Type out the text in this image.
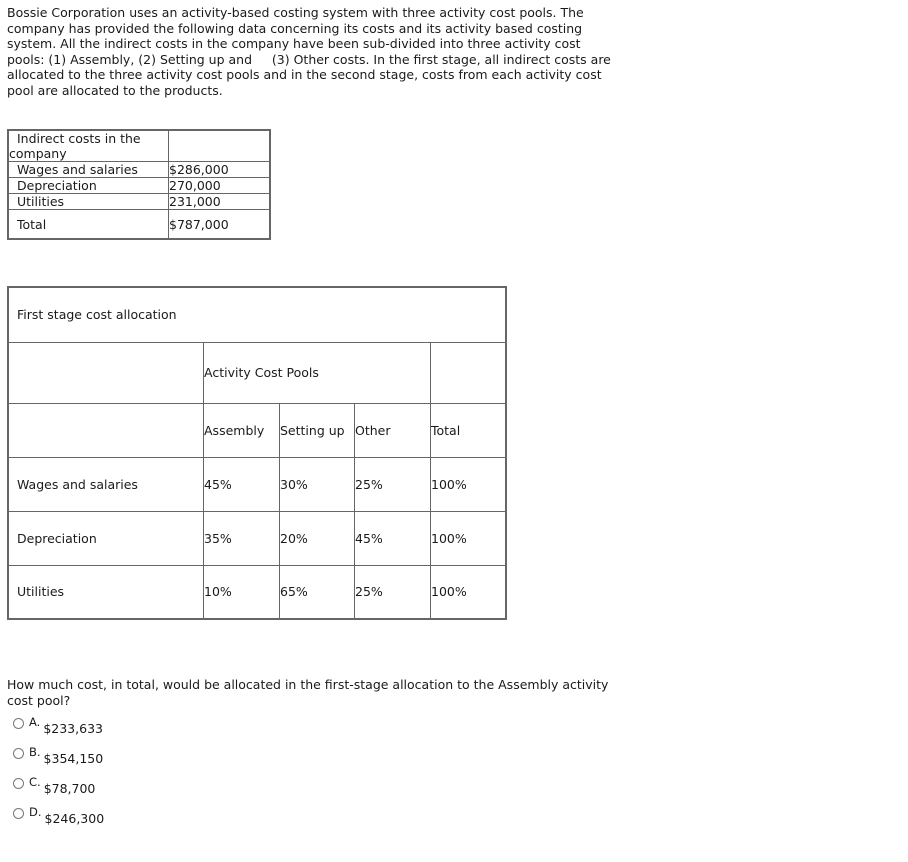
Bossie Corporation uses an activity-based costing system with three activity cost pools. The company has provided the following data concerning its costs and its activity based costing system. All the indirect costs in the company have been sub-divided into three activity cost pools: (1) Assembly, (2) Setting up and     (3) Other costs. In the first stage, all indirect costs are allocated to the three activity cost pools and in the second stage, costs from each activity cost pool are allocated to the products.

Indirect costs in the
company	
Wages and salaries	$286,000
Depreciation	270,000
Utilities	231,000
Total	$787,000
First stage cost allocation				
	Activity Cost Pools			
	Assembly	Setting up	Other	Total
Wages and salaries	45%	30%	25%	100%
Depreciation	35%	20%	45%	100%
Utilities	10%	65%	25%	100%

How much cost, in total, would be allocated in the first-stage allocation to the Assembly activity cost pool?

A. $233,633
B. $354,150
C. $78,700
D. $246,300
